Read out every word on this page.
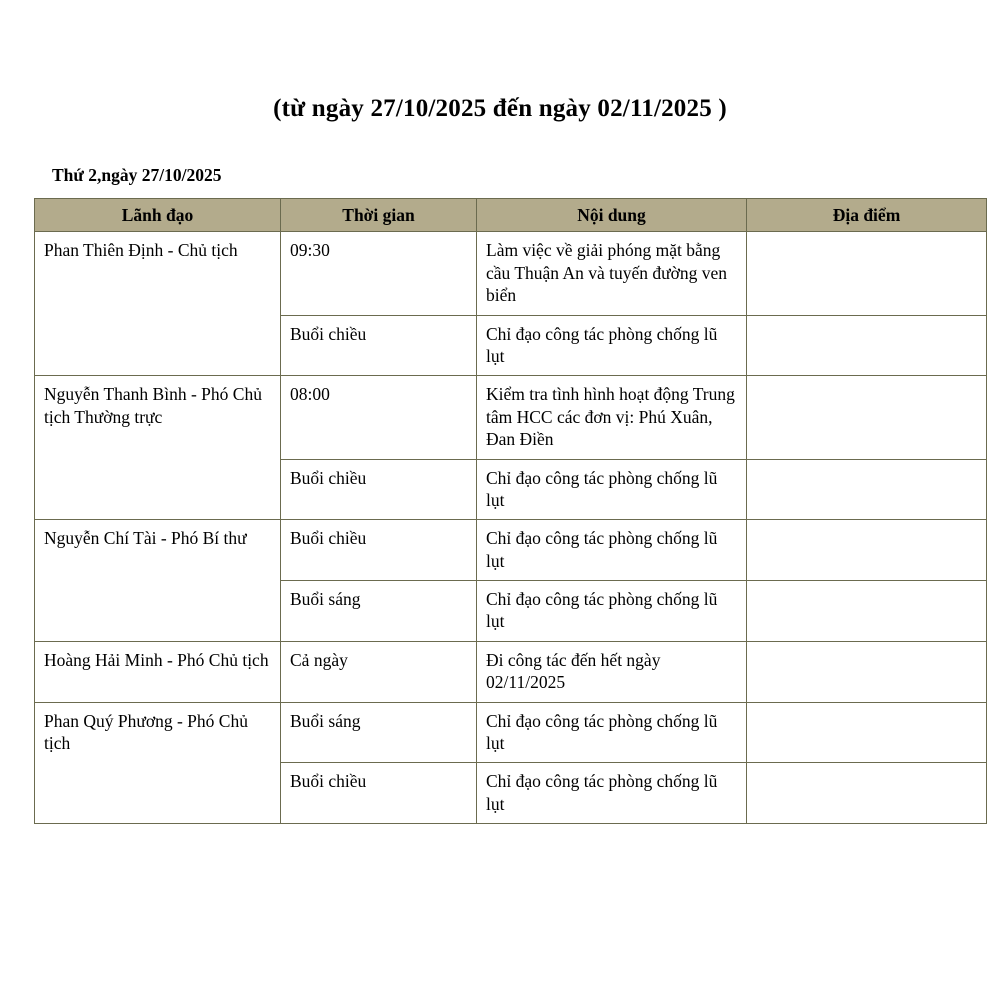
(từ ngày 27/10/2025 đến ngày 02/11/2025 )
Thứ 2,ngày 27/10/2025
Lãnh đạo	Thời gian	Nội dung	Địa điểm
Phan Thiên Định - Chủ tịch	09:30	Làm việc về giải phóng mặt bằng cầu Thuận An và tuyến đường ven biển	
	Buổi chiều	Chỉ đạo công tác phòng chống lũ lụt	
Nguyễn Thanh Bình - Phó Chủ tịch Thường trực	08:00	Kiểm tra tình hình hoạt động Trung tâm HCC các đơn vị: Phú Xuân, Đan Điền	
	Buổi chiều	Chỉ đạo công tác phòng chống lũ lụt	
Nguyễn Chí Tài - Phó Bí thư	Buổi chiều	Chỉ đạo công tác phòng chống lũ lụt	
	Buổi sáng	Chỉ đạo công tác phòng chống lũ lụt	
Hoàng Hải Minh - Phó Chủ tịch	Cả ngày	Đi công tác đến hết ngày 02/11/2025	
Phan Quý Phương - Phó Chủ tịch	Buổi sáng	Chỉ đạo công tác phòng chống lũ lụt	
	Buổi chiều	Chỉ đạo công tác phòng chống lũ lụt	
